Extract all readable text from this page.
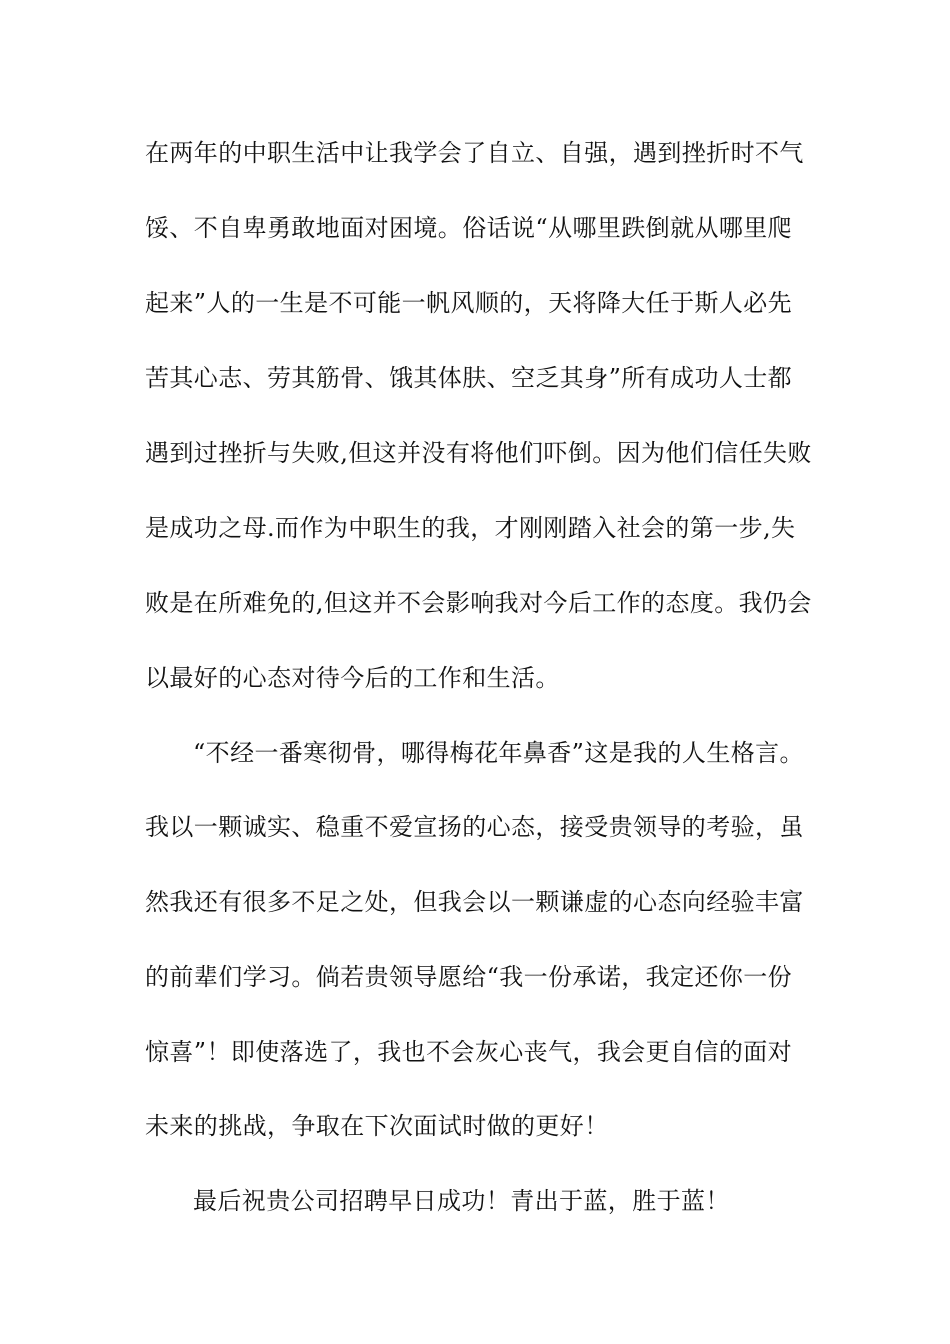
在两年的中职生活中让我学会了自立、自强，遇到挫折时不气
馁、不自卑勇敢地面对困境。俗话说“从哪里跌倒就从哪里爬
起来”人的一生是不可能一帆风顺的，天将降大任于斯人必先
苦其心志、劳其筋骨、饿其体肤、空乏其身”所有成功人士都
遇到过挫折与失败,但这并没有将他们吓倒。因为他们信任失败
是成功之母.而作为中职生的我，才刚刚踏入社会的第一步,失
败是在所难免的,但这并不会影响我对今后工作的态度。我仍会
以最好的心态对待今后的工作和生活。
“不经一番寒彻骨，哪得梅花年鼻香”这是我的人生格言。
我以一颗诚实、稳重不爱宣扬的心态，接受贵领导的考验，虽
然我还有很多不足之处，但我会以一颗谦虚的心态向经验丰富
的前辈们学习。倘若贵领导愿给“我一份承诺，我定还你一份
惊喜”！即使落选了，我也不会灰心丧气，我会更自信的面对
未来的挑战，争取在下次面试时做的更好！
最后祝贵公司招聘早日成功！青出于蓝，胜于蓝！
